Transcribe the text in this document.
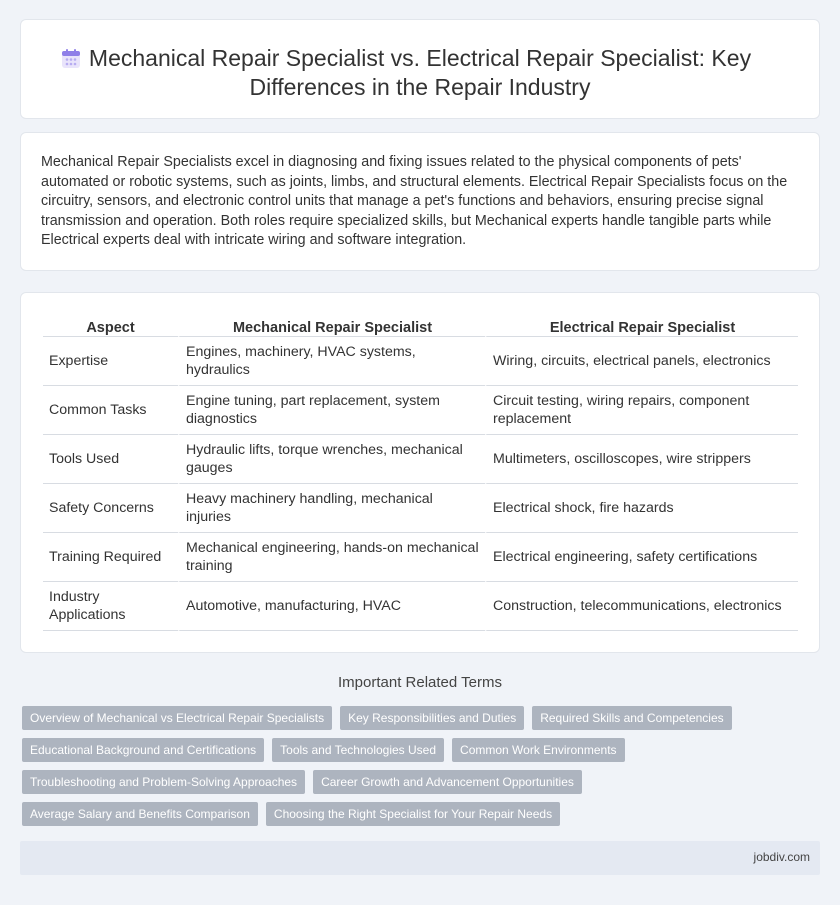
Mechanical Repair Specialist vs. Electrical Repair Specialist: Key Differences in the Repair Industry

Mechanical Repair Specialists excel in diagnosing and fixing issues related to the physical components of pets' automated or robotic systems, such as joints, limbs, and structural elements. Electrical Repair Specialists focus on the circuitry, sensors, and electronic control units that manage a pet's functions and behaviors, ensuring precise signal transmission and operation. Both roles require specialized skills, but Mechanical experts handle tangible parts while Electrical experts deal with intricate wiring and software integration.

Aspect	Mechanical Repair Specialist	Electrical Repair Specialist
Expertise	Engines, machinery, HVAC systems, hydraulics	Wiring, circuits, electrical panels, electronics
Common Tasks	Engine tuning, part replacement, system diagnostics	Circuit testing, wiring repairs, component replacement
Tools Used	Hydraulic lifts, torque wrenches, mechanical gauges	Multimeters, oscilloscopes, wire strippers
Safety Concerns	Heavy machinery handling, mechanical injuries	Electrical shock, fire hazards
Training Required	Mechanical engineering, hands-on mechanical training	Electrical engineering, safety certifications
Industry Applications	Automotive, manufacturing, HVAC	Construction, telecommunications, electronics
Important Related Terms
Overview of Mechanical vs Electrical Repair Specialists	Key Responsibilities and Duties	Required Skills and Competencies
Educational Background and Certifications	Tools and Technologies Used	Common Work Environments
Troubleshooting and Problem-Solving Approaches	Career Growth and Advancement Opportunities
Average Salary and Benefits Comparison	Choosing the Right Specialist for Your Repair Needs
jobdiv.com
